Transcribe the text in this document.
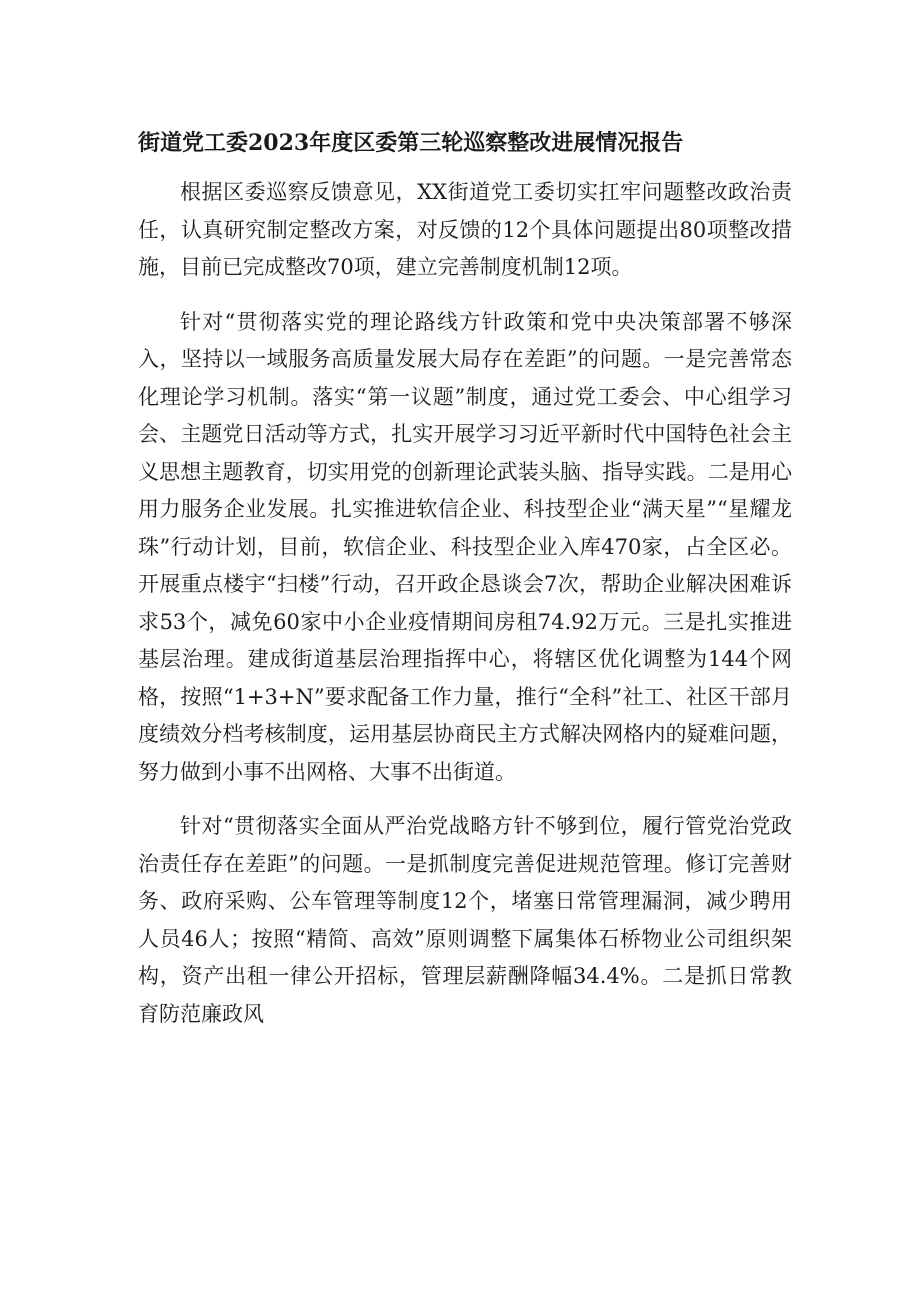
街道党工委2023年度区委第三轮巡察整改进展情况报告

根据区委巡察反馈意见，XX街道党工委切实扛牢问题整改政治责任，认真研究制定整改方案，对反馈的12个具体问题提出80项整改措施，目前已完成整改70项，建立完善制度机制12项。

针对“贯彻落实党的理论路线方针政策和党中央决策部署不够深入，坚持以一域服务高质量发展大局存在差距”的问题。一是完善常态化理论学习机制。落实“第一议题”制度，通过党工委会、中心组学习会、主题党日活动等方式，扎实开展学习习近平新时代中国特色社会主义思想主题教育，切实用党的创新理论武装头脑、指导实践。二是用心用力服务企业发展。扎实推进软信企业、科技型企业“满天星”“星耀龙珠”行动计划，目前，软信企业、科技型企业入库470家，占全区必。开展重点楼宇“扫楼”行动，召开政企恳谈会7次，帮助企业解决困难诉求53个，减免60家中小企业疫情期间房租74.92万元。三是扎实推进基层治理。建成街道基层治理指挥中心，将辖区优化调整为144个网格，按照“1+3+N”要求配备工作力量，推行“全科”社工、社区干部月度绩效分档考核制度，运用基层协商民主方式解决网格内的疑难问题，努力做到小事不出网格、大事不出街道。

针对“贯彻落实全面从严治党战略方针不够到位，履行管党治党政治责任存在差距”的问题。一是抓制度完善促进规范管理。修订完善财务、政府采购、公车管理等制度12个，堵塞日常管理漏洞，减少聘用人员46人；按照“精简、高效”原则调整下属集体石桥物业公司组织架构，资产出租一律公开招标，管理层薪酬降幅34.4%。二是抓日常教育防范廉政风
